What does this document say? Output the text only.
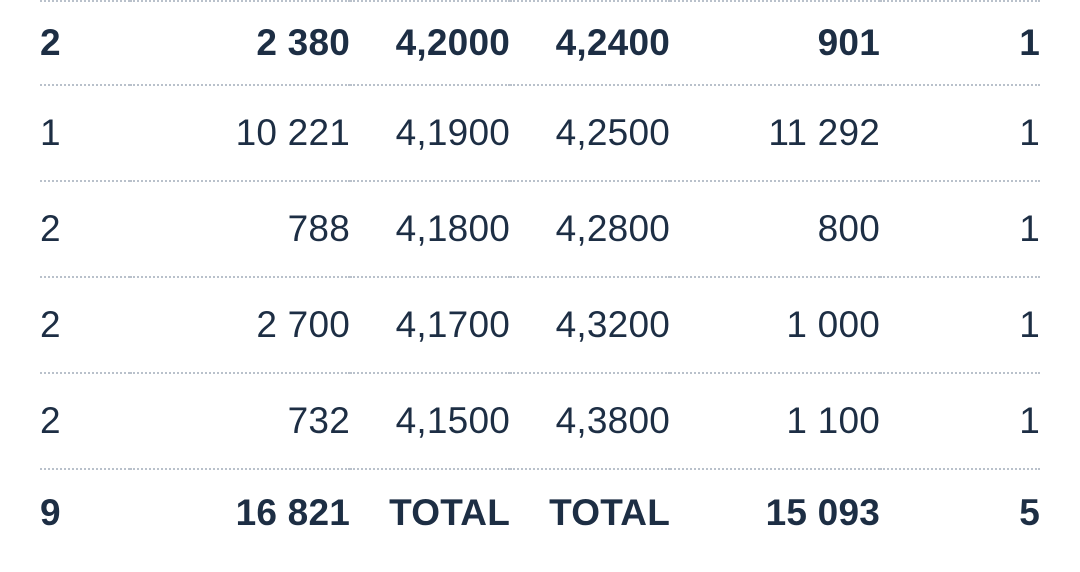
2	2 380	4,2000	4,2400	901	1
1	10 221	4,1900	4,2500	11 292	1
2	788	4,1800	4,2800	800	1
2	2 700	4,1700	4,3200	1 000	1
2	732	4,1500	4,3800	1 100	1
9	16 821	TOTAL	TOTAL	15 093	5
